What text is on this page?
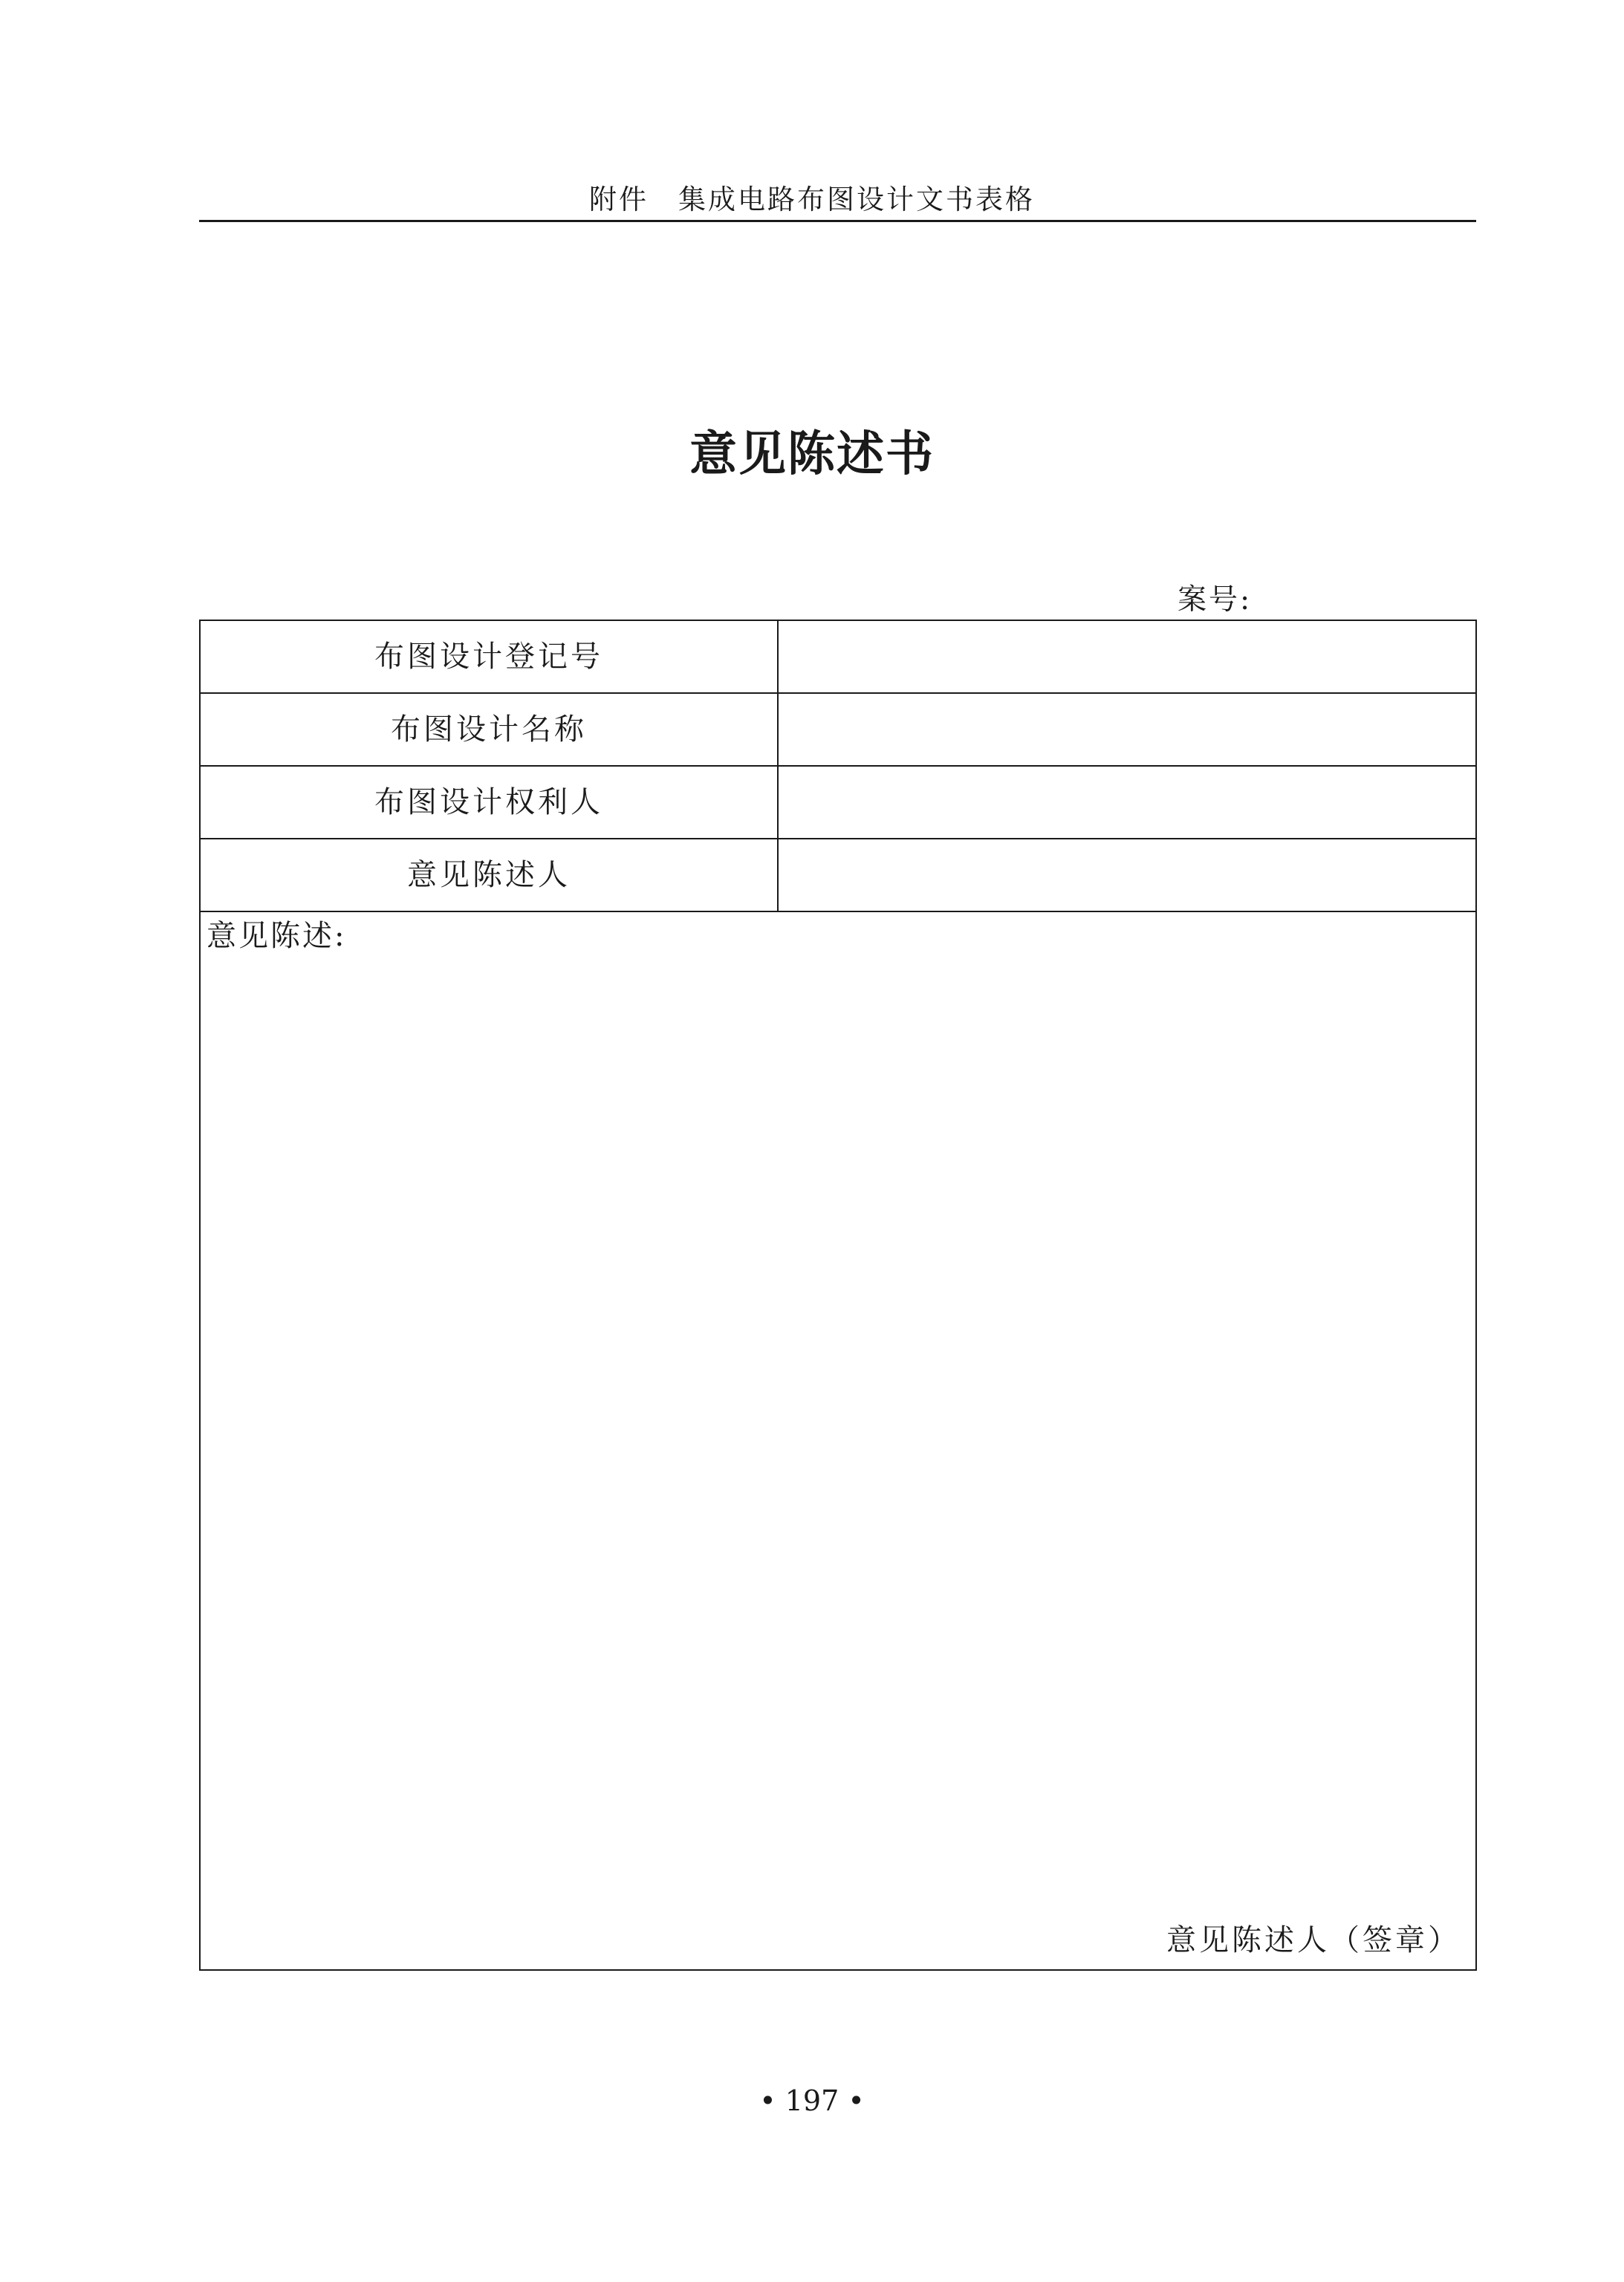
附件 集成电路布图设计文书表格
意见陈述书
案号:
布图设计登记号
布图设计名称
布图设计权利人
意见陈述人
意见陈述:
意见陈述人（签章）
• 197 •
